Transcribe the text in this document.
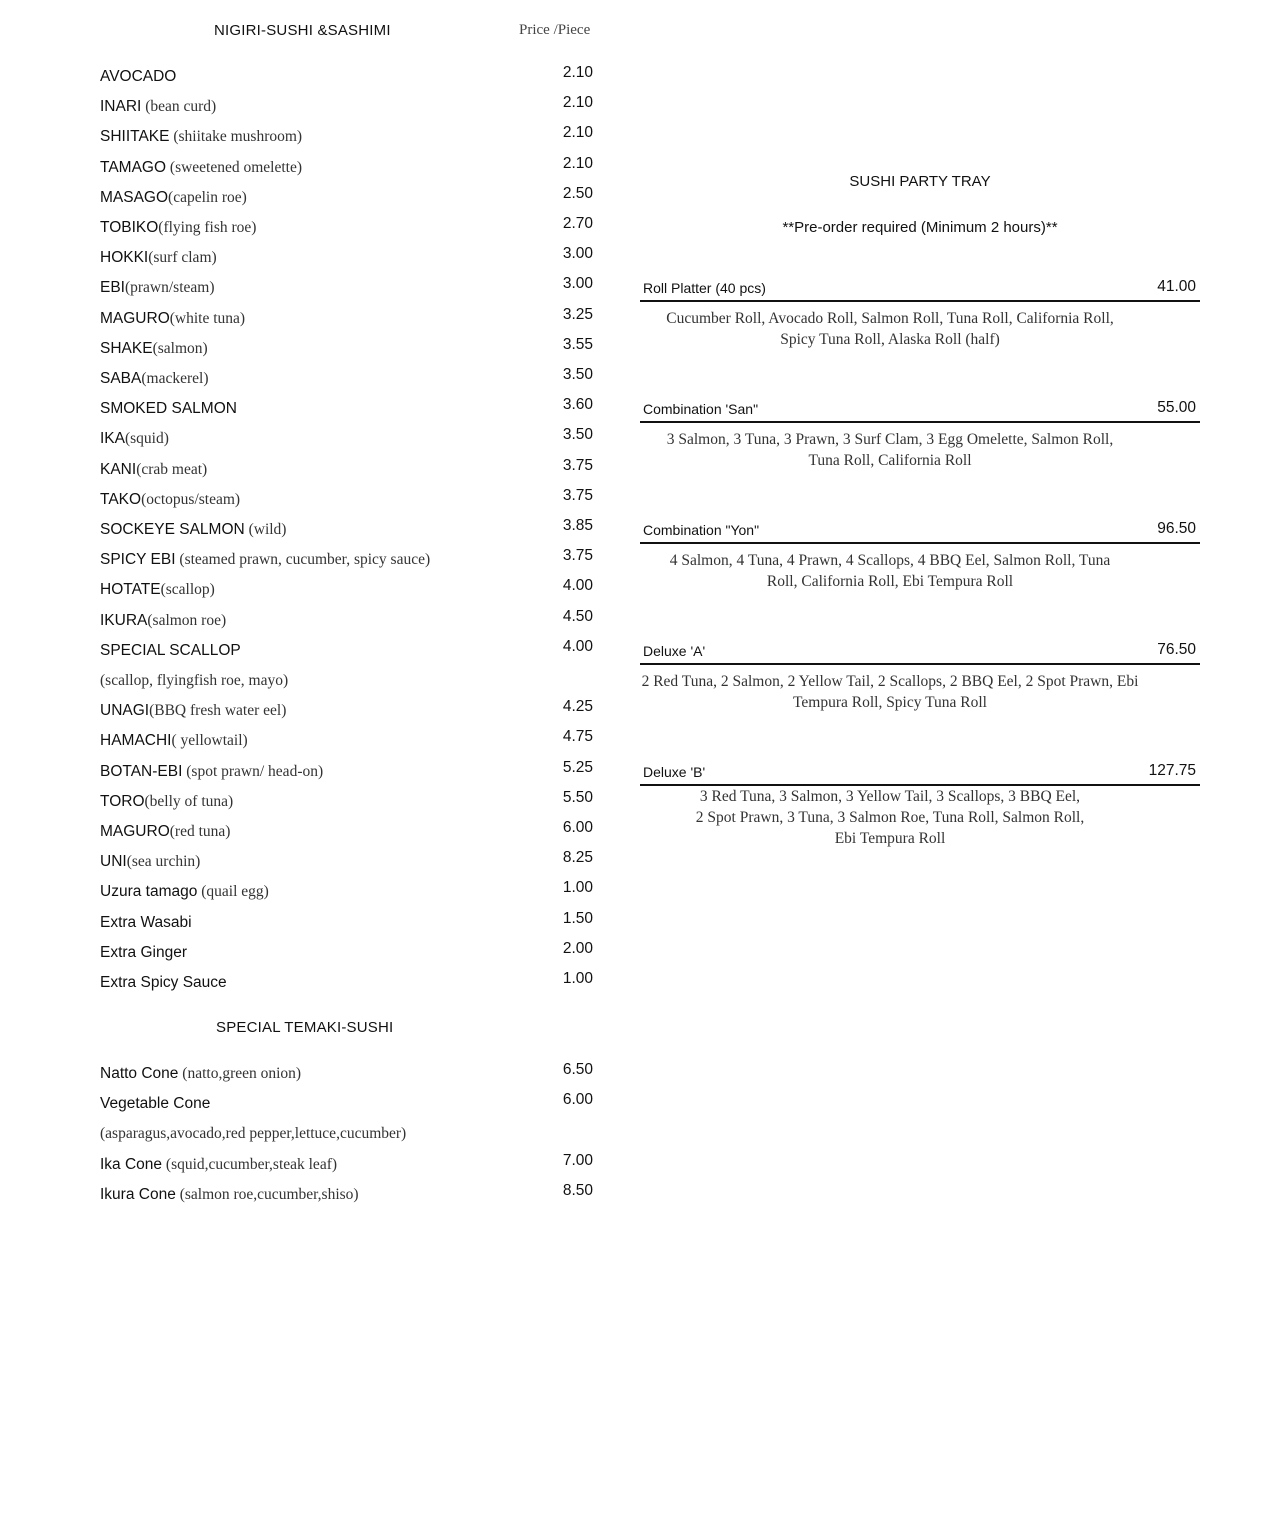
NIGIRI-SUSHI &SASHIMI	Price /Piece
AVOCADO	2.10
INARI (bean curd)	2.10
SHIITAKE (shiitake mushroom)	2.10
TAMAGO (sweetened omelette)	2.10
MASAGO(capelin roe)	2.50
TOBIKO(flying fish roe)	2.70
HOKKI(surf clam)	3.00
EBI(prawn/steam)	3.00
MAGURO(white tuna)	3.25
SHAKE(salmon)	3.55
SABA(mackerel)	3.50
SMOKED SALMON	3.60
IKA(squid)	3.50
KANI(crab meat)	3.75
TAKO(octopus/steam)	3.75
SOCKEYE SALMON (wild)	3.85
SPICY EBI (steamed prawn, cucumber, spicy sauce)	3.75
HOTATE(scallop)	4.00
IKURA(salmon roe)	4.50
SPECIAL SCALLOP	4.00
(scallop, flyingfish roe, mayo)
UNAGI(BBQ fresh water eel)	4.25
HAMACHI( yellowtail)	4.75
BOTAN-EBI (spot prawn/ head-on)	5.25
TORO(belly of tuna)	5.50
MAGURO(red tuna)	6.00
UNI(sea urchin)	8.25
Uzura tamago (quail egg)	1.00
Extra Wasabi	1.50
Extra Ginger	2.00
Extra Spicy Sauce	1.00
SPECIAL TEMAKI-SUSHI
Natto Cone (natto,green onion)	6.50
Vegetable Cone	6.00
(asparagus,avocado,red pepper,lettuce,cucumber)
Ika Cone (squid,cucumber,steak leaf)	7.00
Ikura Cone (salmon roe,cucumber,shiso)	8.50
SUSHI PARTY TRAY
**Pre-order required (Minimum 2 hours)**
Roll Platter (40 pcs)	41.00
Cucumber Roll, Avocado Roll, Salmon Roll, Tuna Roll, California Roll,
Spicy Tuna Roll, Alaska Roll (half)
Combination 'San"	55.00
3 Salmon, 3 Tuna, 3 Prawn, 3 Surf Clam, 3 Egg Omelette, Salmon Roll,
Tuna Roll, California Roll
Combination "Yon"	96.50
4 Salmon, 4 Tuna, 4 Prawn, 4 Scallops, 4 BBQ Eel, Salmon Roll, Tuna
Roll, California Roll, Ebi Tempura Roll
Deluxe 'A'	76.50
2 Red Tuna, 2 Salmon, 2 Yellow Tail, 2 Scallops, 2 BBQ Eel, 2 Spot Prawn, Ebi
Tempura Roll, Spicy Tuna Roll
Deluxe 'B'	127.75
3 Red Tuna, 3 Salmon, 3 Yellow Tail, 3 Scallops, 3 BBQ Eel,
2 Spot Prawn, 3 Tuna, 3 Salmon Roe, Tuna Roll, Salmon Roll,
Ebi Tempura Roll
